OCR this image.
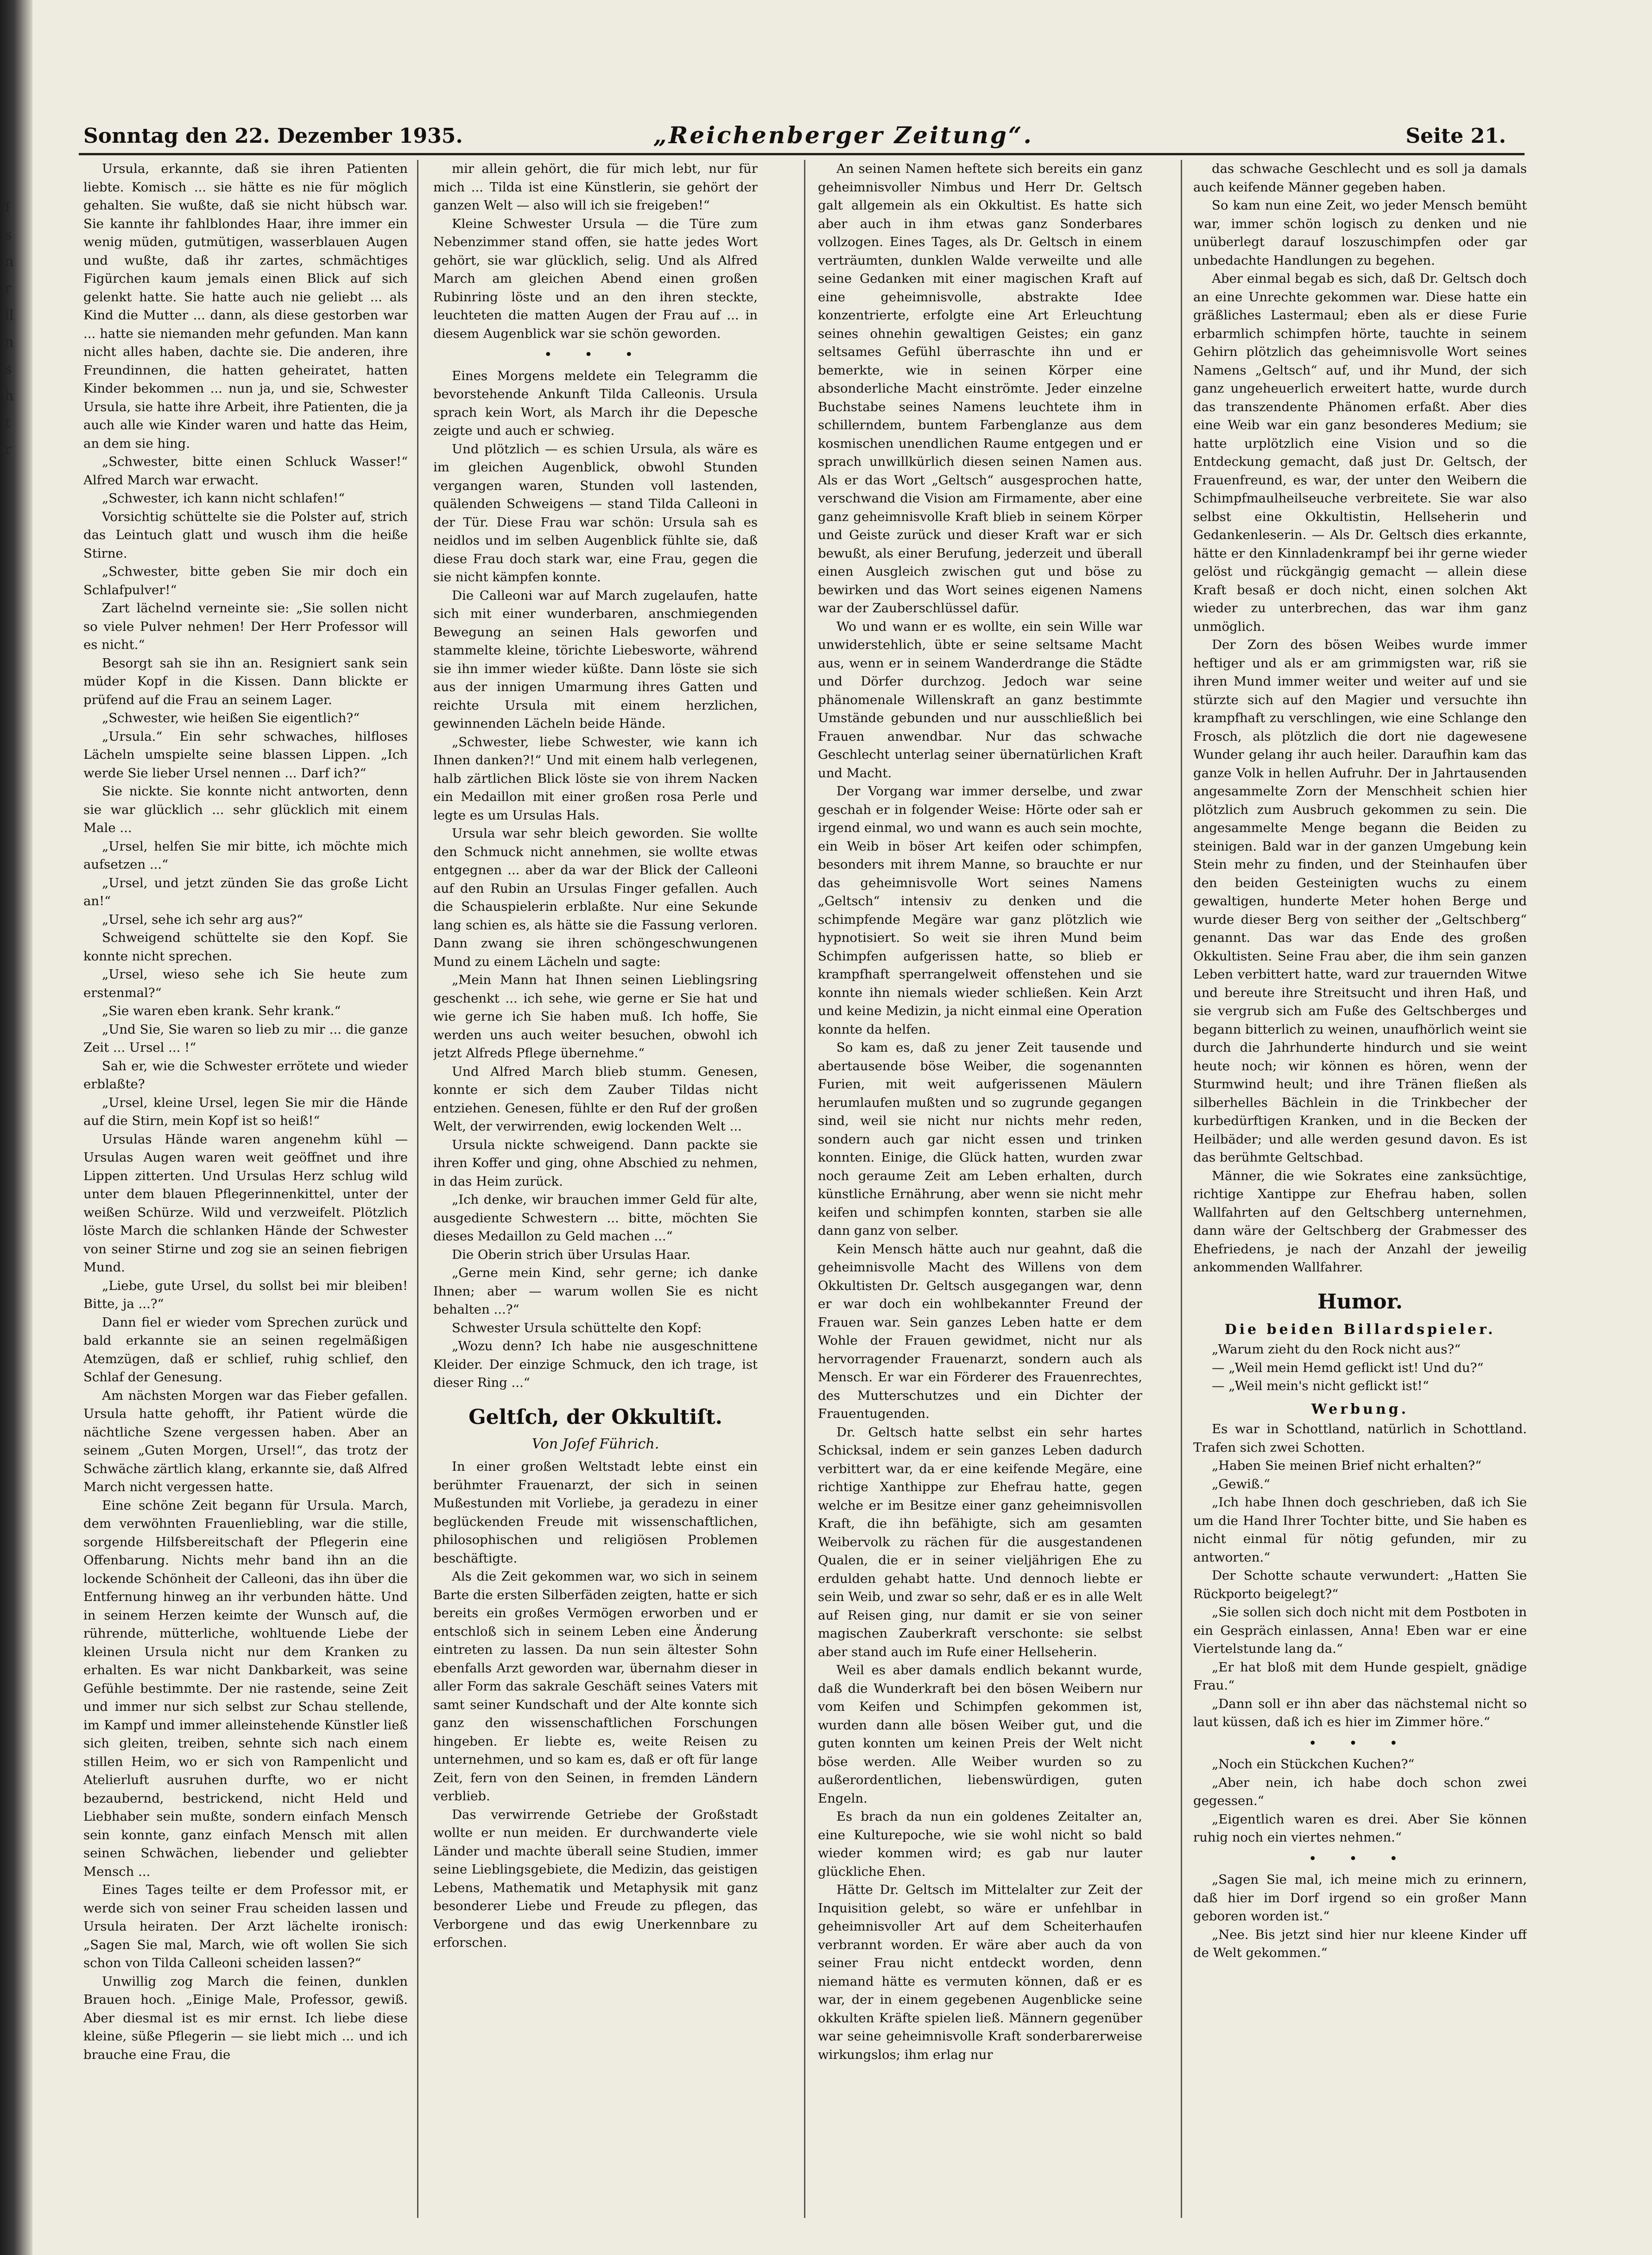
I
s
n
r
ll
n
s
h
t
r
Sonntag den 22. Dezember 1935.	„Reichenberger Zeitung“.	Seite 21.

Ursula, erkannte, daß sie ihren Patienten liebte. Komisch ... sie hätte es nie für möglich gehalten. Sie wußte, daß sie nicht hübsch war. Sie kannte ihr fahlblondes Haar, ihre immer ein wenig müden, gutmütigen, wasserblauen Augen und wußte, daß ihr zartes, schmächtiges Figürchen kaum jemals einen Blick auf sich gelenkt hatte. Sie hatte auch nie geliebt ... als Kind die Mutter ... dann, als diese gestorben war ... hatte sie niemanden mehr gefunden. Man kann nicht alles haben, dachte sie. Die anderen, ihre Freundinnen, die hatten geheiratet, hatten Kinder bekommen ... nun ja, und sie, Schwester Ursula, sie hatte ihre Arbeit, ihre Patienten, die ja auch alle wie Kinder waren und hatte das Heim, an dem sie hing.

„Schwester, bitte einen Schluck Wasser!“ Alfred March war erwacht.

„Schwester, ich kann nicht schlafen!“

Vorsichtig schüttelte sie die Polster auf, strich das Leintuch glatt und wusch ihm die heiße Stirne.

„Schwester, bitte geben Sie mir doch ein Schlafpulver!“

Zart lächelnd verneinte sie: „Sie sollen nicht so viele Pulver nehmen! Der Herr Professor will es nicht.“

Besorgt sah sie ihn an. Resigniert sank sein müder Kopf in die Kissen. Dann blickte er prüfend auf die Frau an seinem Lager.

„Schwester, wie heißen Sie eigentlich?“

„Ursula.“ Ein sehr schwaches, hilfloses Lächeln umspielte seine blassen Lippen. „Ich werde Sie lieber Ursel nennen ... Darf ich?“

Sie nickte. Sie konnte nicht antworten, denn sie war glücklich ... sehr glücklich mit einem Male ...

„Ursel, helfen Sie mir bitte, ich möchte mich aufsetzen ...“

„Ursel, und jetzt zünden Sie das große Licht an!“

„Ursel, sehe ich sehr arg aus?“

Schweigend schüttelte sie den Kopf. Sie konnte nicht sprechen.

„Ursel, wieso sehe ich Sie heute zum erstenmal?“

„Sie waren eben krank. Sehr krank.“

„Und Sie, Sie waren so lieb zu mir ... die ganze Zeit ... Ursel ... !“

Sah er, wie die Schwester errötete und wieder erblaßte?

„Ursel, kleine Ursel, legen Sie mir die Hände auf die Stirn, mein Kopf ist so heiß!“

Ursulas Hände waren angenehm kühl — Ursulas Augen waren weit geöffnet und ihre Lippen zitterten. Und Ursulas Herz schlug wild unter dem blauen Pflegerinnenkittel, unter der weißen Schürze. Wild und verzweifelt. Plötzlich löste March die schlanken Hände der Schwester von seiner Stirne und zog sie an seinen fiebrigen Mund.

„Liebe, gute Ursel, du sollst bei mir bleiben! Bitte, ja ...?“

Dann fiel er wieder vom Sprechen zurück und bald erkannte sie an seinen regelmäßigen Atemzügen, daß er schlief, ruhig schlief, den Schlaf der Genesung.

Am nächsten Morgen war das Fieber gefallen. Ursula hatte gehofft, ihr Patient würde die nächtliche Szene vergessen haben. Aber an seinem „Guten Morgen, Ursel!“, das trotz der Schwäche zärtlich klang, erkannte sie, daß Alfred March nicht vergessen hatte.

Eine schöne Zeit begann für Ursula. March, dem verwöhnten Frauenliebling, war die stille, sorgende Hilfsbereitschaft der Pflegerin eine Offenbarung. Nichts mehr band ihn an die lockende Schönheit der Calleoni, das ihn über die Entfernung hinweg an ihr verbunden hätte. Und in seinem Herzen keimte der Wunsch auf, die rührende, mütterliche, wohltuende Liebe der kleinen Ursula nicht nur dem Kranken zu erhalten. Es war nicht Dankbarkeit, was seine Gefühle bestimmte. Der nie rastende, seine Zeit und immer nur sich selbst zur Schau stellende, im Kampf und immer alleinstehende Künstler ließ sich gleiten, treiben, sehnte sich nach einem stillen Heim, wo er sich von Rampenlicht und Atelierluft ausruhen durfte, wo er nicht bezaubernd, bestrickend, nicht Held und Liebhaber sein mußte, sondern einfach Mensch sein konnte, ganz einfach Mensch mit allen seinen Schwächen, liebender und geliebter Mensch ...

Eines Tages teilte er dem Professor mit, er werde sich von seiner Frau scheiden lassen und Ursula heiraten. Der Arzt lächelte ironisch: „Sagen Sie mal, March, wie oft wollen Sie sich schon von Tilda Calleoni scheiden lassen?“

Unwillig zog March die feinen, dunklen Brauen hoch. „Einige Male, Professor, gewiß. Aber diesmal ist es mir ernst. Ich liebe diese kleine, süße Pflegerin — sie liebt mich ... und ich brauche eine Frau, die

mir allein gehört, die für mich lebt, nur für mich ... Tilda ist eine Künstlerin, sie gehört der ganzen Welt — also will ich sie freigeben!“

Kleine Schwester Ursula — die Türe zum Nebenzimmer stand offen, sie hatte jedes Wort gehört, sie war glücklich, selig. Und als Alfred March am gleichen Abend einen großen Rubinring löste und an den ihren steckte, leuchteten die matten Augen der Frau auf ... in diesem Augenblick war sie schön geworden.

• • •

Eines Morgens meldete ein Telegramm die bevorstehende Ankunft Tilda Calleonis. Ursula sprach kein Wort, als March ihr die Depesche zeigte und auch er schwieg.

Und plötzlich — es schien Ursula, als wäre es im gleichen Augenblick, obwohl Stunden vergangen waren, Stunden voll lastenden, quälenden Schweigens — stand Tilda Calleoni in der Tür. Diese Frau war schön: Ursula sah es neidlos und im selben Augenblick fühlte sie, daß diese Frau doch stark war, eine Frau, gegen die sie nicht kämpfen konnte.

Die Calleoni war auf March zugelaufen, hatte sich mit einer wunderbaren, anschmiegenden Bewegung an seinen Hals geworfen und stammelte kleine, törichte Liebesworte, während sie ihn immer wieder küßte. Dann löste sie sich aus der innigen Umarmung ihres Gatten und reichte Ursula mit einem herzlichen, gewinnenden Lächeln beide Hände.

„Schwester, liebe Schwester, wie kann ich Ihnen danken?!“ Und mit einem halb verlegenen, halb zärtlichen Blick löste sie von ihrem Nacken ein Medaillon mit einer großen rosa Perle und legte es um Ursulas Hals.

Ursula war sehr bleich geworden. Sie wollte den Schmuck nicht annehmen, sie wollte etwas entgegnen ... aber da war der Blick der Calleoni auf den Rubin an Ursulas Finger gefallen. Auch die Schauspielerin erblaßte. Nur eine Sekunde lang schien es, als hätte sie die Fassung verloren. Dann zwang sie ihren schöngeschwungenen Mund zu einem Lächeln und sagte:

„Mein Mann hat Ihnen seinen Lieblingsring geschenkt ... ich sehe, wie gerne er Sie hat und wie gerne ich Sie haben muß. Ich hoffe, Sie werden uns auch weiter besuchen, obwohl ich jetzt Alfreds Pflege übernehme.“

Und Alfred March blieb stumm. Genesen, konnte er sich dem Zauber Tildas nicht entziehen. Genesen, fühlte er den Ruf der großen Welt, der verwirrenden, ewig lockenden Welt ...

Ursula nickte schweigend. Dann packte sie ihren Koffer und ging, ohne Abschied zu nehmen, in das Heim zurück.

„Ich denke, wir brauchen immer Geld für alte, ausgediente Schwestern ... bitte, möchten Sie dieses Medaillon zu Geld machen ...“

Die Oberin strich über Ursulas Haar.

„Gerne mein Kind, sehr gerne; ich danke Ihnen; aber — warum wollen Sie es nicht behalten ...?“

Schwester Ursula schüttelte den Kopf:

„Wozu denn? Ich habe nie ausgeschnittene Kleider. Der einzige Schmuck, den ich trage, ist dieser Ring ...“

Geltſch, der Okkultiſt.
Von Joſef Führich.

In einer großen Weltstadt lebte einst ein berühmter Frauenarzt, der sich in seinen Mußestunden mit Vorliebe, ja geradezu in einer beglückenden Freude mit wissenschaftlichen, philosophischen und religiösen Problemen beschäftigte.

Als die Zeit gekommen war, wo sich in seinem Barte die ersten Silberfäden zeigten, hatte er sich bereits ein großes Vermögen erworben und er entschloß sich in seinem Leben eine Änderung eintreten zu lassen. Da nun sein ältester Sohn ebenfalls Arzt geworden war, übernahm dieser in aller Form das sakrale Geschäft seines Vaters mit samt seiner Kundschaft und der Alte konnte sich ganz den wissenschaftlichen Forschungen hingeben. Er liebte es, weite Reisen zu unternehmen, und so kam es, daß er oft für lange Zeit, fern von den Seinen, in fremden Ländern verblieb.

Das verwirrende Getriebe der Großstadt wollte er nun meiden. Er durchwanderte viele Länder und machte überall seine Studien, immer seine Lieblingsgebiete, die Medizin, das geistigen Lebens, Mathematik und Metaphysik mit ganz besonderer Liebe und Freude zu pflegen, das Verborgene und das ewig Unerkennbare zu erforschen.

An seinen Namen heftete sich bereits ein ganz geheimnisvoller Nimbus und Herr Dr. Geltsch galt allgemein als ein Okkultist. Es hatte sich aber auch in ihm etwas ganz Sonderbares vollzogen. Eines Tages, als Dr. Geltsch in einem verträumten, dunklen Walde verweilte und alle seine Gedanken mit einer magischen Kraft auf eine geheimnisvolle, abstrakte Idee konzentrierte, erfolgte eine Art Erleuchtung seines ohnehin gewaltigen Geistes; ein ganz seltsames Gefühl überraschte ihn und er bemerkte, wie in seinen Körper eine absonderliche Macht einströmte. Jeder einzelne Buchstabe seines Namens leuchtete ihm in schillerndem, buntem Farbenglanze aus dem kosmischen unendlichen Raume entgegen und er sprach unwillkürlich diesen seinen Namen aus. Als er das Wort „Geltsch“ ausgesprochen hatte, verschwand die Vision am Firmamente, aber eine ganz geheimnisvolle Kraft blieb in seinem Körper und Geiste zurück und dieser Kraft war er sich bewußt, als einer Berufung, jederzeit und überall einen Ausgleich zwischen gut und böse zu bewirken und das Wort seines eigenen Namens war der Zauberschlüssel dafür.

Wo und wann er es wollte, ein sein Wille war unwiderstehlich, übte er seine seltsame Macht aus, wenn er in seinem Wanderdrange die Städte und Dörfer durchzog. Jedoch war seine phänomenale Willenskraft an ganz bestimmte Umstände gebunden und nur ausschließlich bei Frauen anwendbar. Nur das schwache Geschlecht unterlag seiner übernatürlichen Kraft und Macht.

Der Vorgang war immer derselbe, und zwar geschah er in folgender Weise: Hörte oder sah er irgend einmal, wo und wann es auch sein mochte, ein Weib in böser Art keifen oder schimpfen, besonders mit ihrem Manne, so brauchte er nur das geheimnisvolle Wort seines Namens „Geltsch“ intensiv zu denken und die schimpfende Megäre war ganz plötzlich wie hypnotisiert. So weit sie ihren Mund beim Schimpfen aufgerissen hatte, so blieb er krampfhaft sperrangelweit offenstehen und sie konnte ihn niemals wieder schließen. Kein Arzt und keine Medizin, ja nicht einmal eine Operation konnte da helfen.

So kam es, daß zu jener Zeit tausende und abertausende böse Weiber, die sogenannten Furien, mit weit aufgerissenen Mäulern herumlaufen mußten und so zugrunde gegangen sind, weil sie nicht nur nichts mehr reden, sondern auch gar nicht essen und trinken konnten. Einige, die Glück hatten, wurden zwar noch geraume Zeit am Leben erhalten, durch künstliche Ernährung, aber wenn sie nicht mehr keifen und schimpfen konnten, starben sie alle dann ganz von selber.

Kein Mensch hätte auch nur geahnt, daß die geheimnisvolle Macht des Willens von dem Okkultisten Dr. Geltsch ausgegangen war, denn er war doch ein wohlbekannter Freund der Frauen war. Sein ganzes Leben hatte er dem Wohle der Frauen gewidmet, nicht nur als hervorragender Frauenarzt, sondern auch als Mensch. Er war ein Förderer des Frauenrechtes, des Mutterschutzes und ein Dichter der Frauentugenden.

Dr. Geltsch hatte selbst ein sehr hartes Schicksal, indem er sein ganzes Leben dadurch verbittert war, da er eine keifende Megäre, eine richtige Xanthippe zur Ehefrau hatte, gegen welche er im Besitze einer ganz geheimnisvollen Kraft, die ihn befähigte, sich am gesamten Weibervolk zu rächen für die ausgestandenen Qualen, die er in seiner vieljährigen Ehe zu erdulden gehabt hatte. Und dennoch liebte er sein Weib, und zwar so sehr, daß er es in alle Welt auf Reisen ging, nur damit er sie von seiner magischen Zauberkraft verschonte: sie selbst aber stand auch im Rufe einer Hellseherin.

Weil es aber damals endlich bekannt wurde, daß die Wunderkraft bei den bösen Weibern nur vom Keifen und Schimpfen gekommen ist, wurden dann alle bösen Weiber gut, und die guten konnten um keinen Preis der Welt nicht böse werden. Alle Weiber wurden so zu außerordentlichen, liebenswürdigen, guten Engeln.

Es brach da nun ein goldenes Zeitalter an, eine Kulturepoche, wie sie wohl nicht so bald wieder kommen wird; es gab nur lauter glückliche Ehen.

Hätte Dr. Geltsch im Mittelalter zur Zeit der Inquisition gelebt, so wäre er unfehlbar in geheimnisvoller Art auf dem Scheiterhaufen verbrannt worden. Er wäre aber auch da von seiner Frau nicht entdeckt worden, denn niemand hätte es vermuten können, daß er es war, der in einem gegebenen Augenblicke seine okkulten Kräfte spielen ließ. Männern gegenüber war seine geheimnisvolle Kraft sonderbarerweise wirkungslos; ihm erlag nur

das schwache Geschlecht und es soll ja damals auch keifende Männer gegeben haben.

So kam nun eine Zeit, wo jeder Mensch bemüht war, immer schön logisch zu denken und nie unüberlegt darauf loszuschimpfen oder gar unbedachte Handlungen zu begehen.

Aber einmal begab es sich, daß Dr. Geltsch doch an eine Unrechte gekommen war. Diese hatte ein gräßliches Lastermaul; eben als er diese Furie erbarmlich schimpfen hörte, tauchte in seinem Gehirn plötzlich das geheimnisvolle Wort seines Namens „Geltsch“ auf, und ihr Mund, der sich ganz ungeheuerlich erweitert hatte, wurde durch das transzendente Phänomen erfaßt. Aber dies eine Weib war ein ganz besonderes Medium; sie hatte urplötzlich eine Vision und so die Entdeckung gemacht, daß just Dr. Geltsch, der Frauenfreund, es war, der unter den Weibern die Schimpfmaulheilseuche verbreitete. Sie war also selbst eine Okkultistin, Hellseherin und Gedankenleserin. — Als Dr. Geltsch dies erkannte, hätte er den Kinnladenkrampf bei ihr gerne wieder gelöst und rückgängig gemacht — allein diese Kraft besaß er doch nicht, einen solchen Akt wieder zu unterbrechen, das war ihm ganz unmöglich.

Der Zorn des bösen Weibes wurde immer heftiger und als er am grimmigsten war, riß sie ihren Mund immer weiter und weiter auf und sie stürzte sich auf den Magier und versuchte ihn krampfhaft zu verschlingen, wie eine Schlange den Frosch, als plötzlich die dort nie dagewesene Wunder gelang ihr auch heiler. Daraufhin kam das ganze Volk in hellen Aufruhr. Der in Jahrtausenden angesammelte Zorn der Menschheit schien hier plötzlich zum Ausbruch gekommen zu sein. Die angesammelte Menge begann die Beiden zu steinigen. Bald war in der ganzen Umgebung kein Stein mehr zu finden, und der Steinhaufen über den beiden Gesteinigten wuchs zu einem gewaltigen, hunderte Meter hohen Berge und wurde dieser Berg von seither der „Geltschberg“ genannt. Das war das Ende des großen Okkultisten. Seine Frau aber, die ihm sein ganzen Leben verbittert hatte, ward zur trauernden Witwe und bereute ihre Streitsucht und ihren Haß, und sie vergrub sich am Fuße des Geltschberges und begann bitterlich zu weinen, unaufhörlich weint sie durch die Jahrhunderte hindurch und sie weint heute noch; wir können es hören, wenn der Sturmwind heult; und ihre Tränen fließen als silberhelles Bächlein in die Trinkbecher der kurbedürftigen Kranken, und in die Becken der Heilbäder; und alle werden gesund davon. Es ist das berühmte Geltschbad.

Männer, die wie Sokrates eine zanksüchtige, richtige Xantippe zur Ehefrau haben, sollen Wallfahrten auf den Geltschberg unternehmen, dann wäre der Geltschberg der Grabmesser des Ehefriedens, je nach der Anzahl der jeweilig ankommenden Wallfahrer.

Humor.
Die beiden Billardspieler.

„Warum zieht du den Rock nicht aus?“

— „Weil mein Hemd geflickt ist! Und du?“

— „Weil mein's nicht geflickt ist!“

Werbung.

Es war in Schottland, natürlich in Schottland. Trafen sich zwei Schotten.

„Haben Sie meinen Brief nicht erhalten?“

„Gewiß.“

„Ich habe Ihnen doch geschrieben, daß ich Sie um die Hand Ihrer Tochter bitte, und Sie haben es nicht einmal für nötig gefunden, mir zu antworten.“

Der Schotte schaute verwundert: „Hatten Sie Rückporto beigelegt?“

„Sie sollen sich doch nicht mit dem Postboten in ein Gespräch einlassen, Anna! Eben war er eine Viertelstunde lang da.“

„Er hat bloß mit dem Hunde gespielt, gnädige Frau.“

„Dann soll er ihn aber das nächstemal nicht so laut küssen, daß ich es hier im Zimmer höre.“

• • •

„Noch ein Stückchen Kuchen?“

„Aber nein, ich habe doch schon zwei gegessen.“

„Eigentlich waren es drei. Aber Sie können ruhig noch ein viertes nehmen.“

• • •

„Sagen Sie mal, ich meine mich zu erinnern, daß hier im Dorf irgend so ein großer Mann geboren worden ist.“

„Nee. Bis jetzt sind hier nur kleene Kinder uff de Welt gekommen.“
